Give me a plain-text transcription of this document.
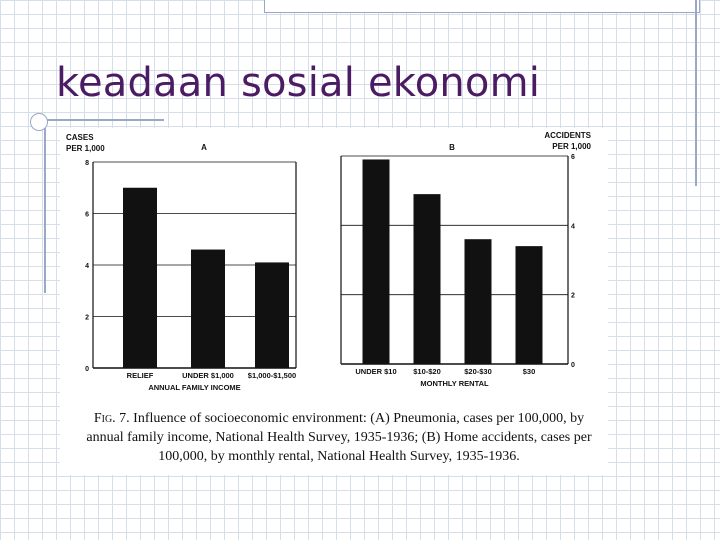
keadaan sosial ekonomi
0
2
4
6
8
RELIEF	UNDER $1,000 $1,000-$1,500
ANNUAL FAMILY INCOME
A
CASES
PER 1,000
0
2
4
6
UNDER $10 $10-$20	$20-$30	$30
MONTHLY RENTAL
B
ACCIDENTS
PER 1,000
Fig. 7. Influence of socioeconomic environment: (A) Pneumonia, cases per 100,000, by annual family income, National Health Survey, 1935-1936; (B) Home accidents, cases per 100,000, by monthly rental, National Health Survey, 1935-1936.
